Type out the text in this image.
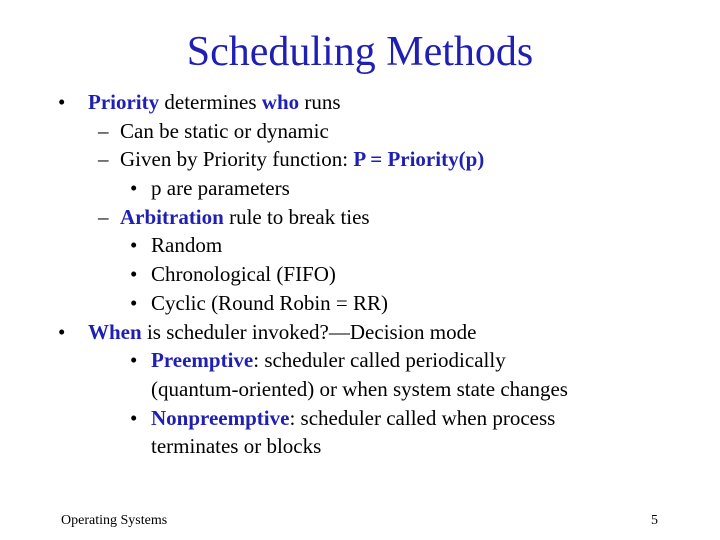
Scheduling Methods
• Priority determines who runs
– Can be static or dynamic
– Given by Priority function: P = Priority(p)
• p are parameters
– Arbitration rule to break ties
• Random
• Chronological (FIFO)
• Cyclic (Round Robin = RR)
• When is scheduler invoked?—Decision mode
• Preemptive: scheduler called periodically
(quantum-oriented) or when system state changes
• Nonpreemptive: scheduler called when process
terminates or blocks
Operating Systems	5
